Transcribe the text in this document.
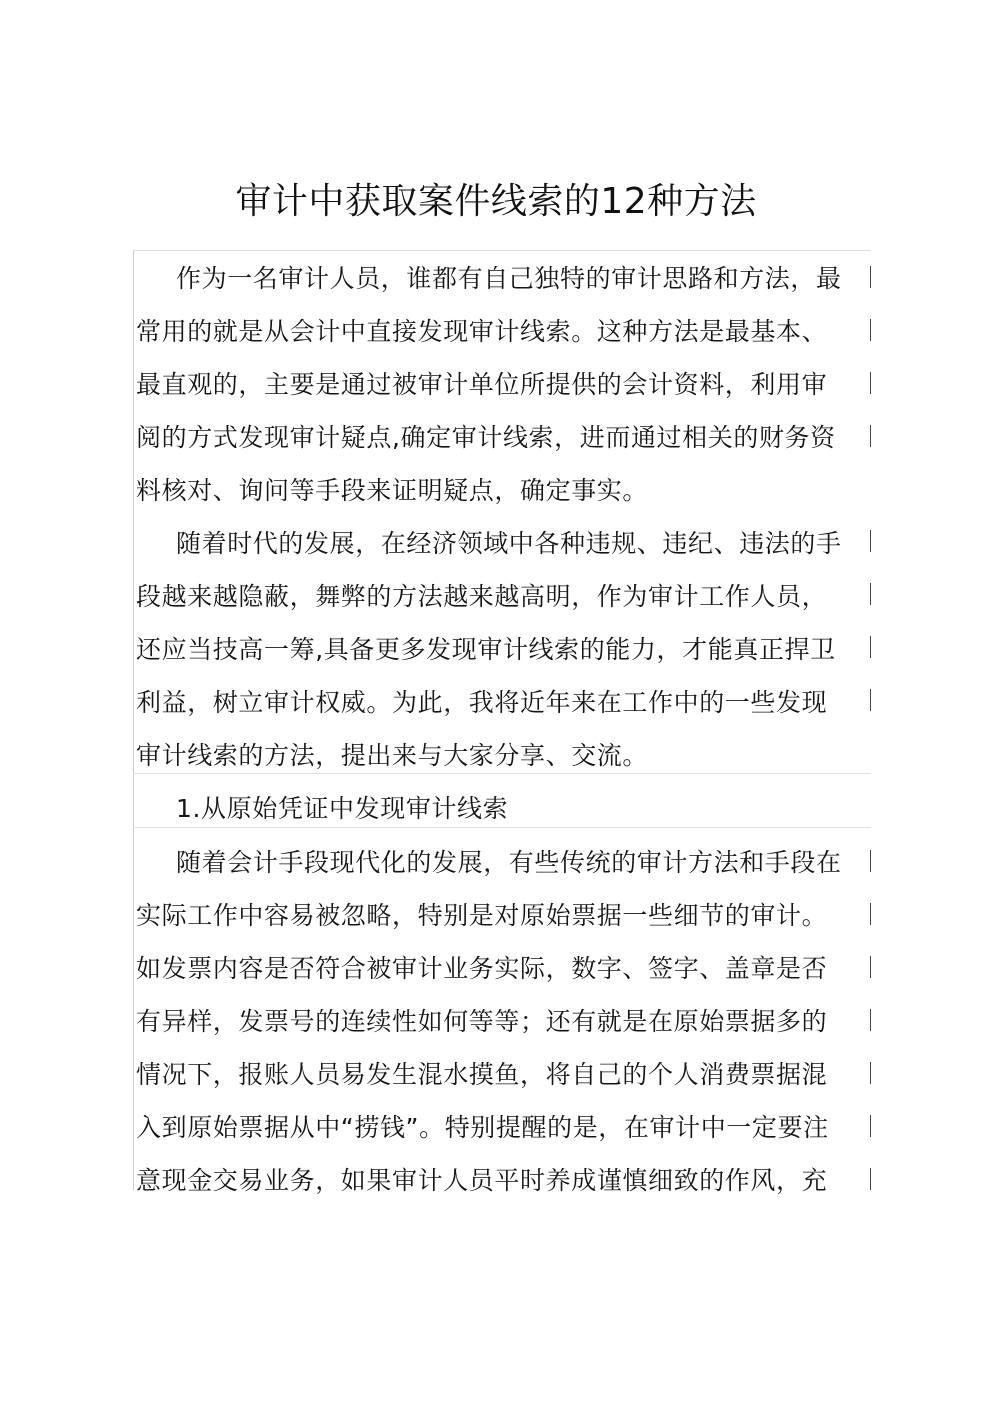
审计中获取案件线索的12种方法
作为一名审计人员，谁都有自己独特的审计思路和方法，最
常用的就是从会计中直接发现审计线索。这种方法是最基本、
最直观的，主要是通过被审计单位所提供的会计资料，利用审
阅的方式发现审计疑点,确定审计线索，进而通过相关的财务资
料核对、询问等手段来证明疑点，确定事实。
随着时代的发展，在经济领域中各种违规、违纪、违法的手
段越来越隐蔽，舞弊的方法越来越高明，作为审计工作人员，
还应当技高一筹,具备更多发现审计线索的能力，才能真正捍卫
利益，树立审计权威。为此，我将近年来在工作中的一些发现
审计线索的方法，提出来与大家分享、交流。
1.从原始凭证中发现审计线索
随着会计手段现代化的发展，有些传统的审计方法和手段在
实际工作中容易被忽略，特别是对原始票据一些细节的审计。
如发票内容是否符合被审计业务实际，数字、签字、盖章是否
有异样，发票号的连续性如何等等；还有就是在原始票据多的
情况下，报账人员易发生混水摸鱼，将自己的个人消费票据混
入到原始票据从中“捞钱”。特别提醒的是，在审计中一定要注
意现金交易业务，如果审计人员平时养成谨慎细致的作风，充
